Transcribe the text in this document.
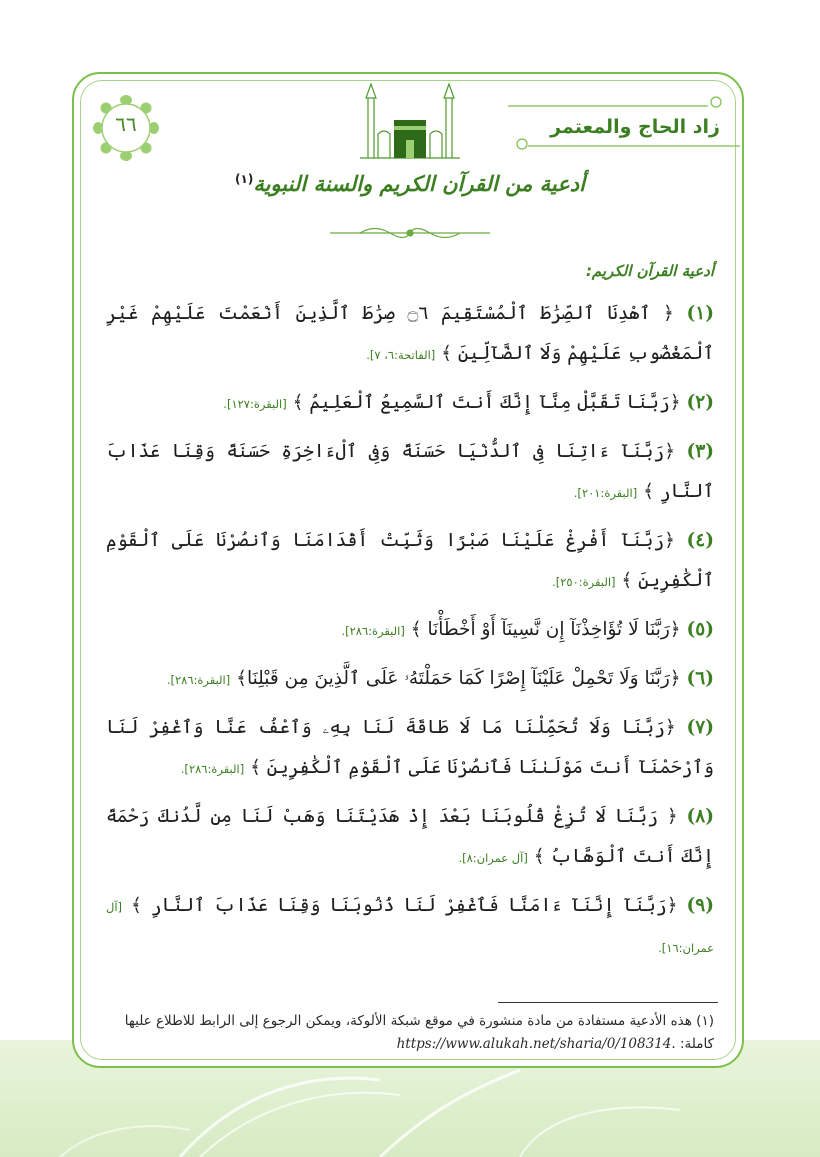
٦٦	زاد الحاج والمعتمر
أدعية من القرآن الكريم والسنة النبوية$^{(١)}$
أدعية القرآن الكريم:

(١) ﴿ ٱهْدِنَا ٱلصِّرَٰطَ ٱلْمُسْتَقِيمَ ۝٦ صِرَٰطَ ٱلَّذِينَ أَنْعَمْتَ عَلَيْهِمْ غَيْرِ ٱلْمَغْضُوبِ عَلَيْهِمْ وَلَا ٱلضَّآلِّينَ ﴾ [الفاتحة:٦، ٧].

(٢) ﴿رَبَّنَا تَقَبَّلْ مِنَّآ إِنَّكَ أَنتَ ٱلسَّمِيعُ ٱلْعَلِيمُ ﴾ [البقرة:١٢٧].

(٣) ﴿رَبَّنَآ ءَاتِنَا فِى ٱلدُّنْيَا حَسَنَةً وَفِى ٱلْءَاخِرَةِ حَسَنَةً وَقِنَا عَذَابَ ٱلنَّارِ ﴾ [البقرة:٢٠١].

(٤) ﴿رَبَّنَآ أَفْرِغْ عَلَيْنَا صَبْرًا وَثَبِّتْ أَقْدَامَنَا وَٱنصُرْنَا عَلَى ٱلْقَوْمِ ٱلْكَٰفِرِينَ ﴾ [البقرة:٢٥٠].

(٥) ﴿رَبَّنَا لَا تُؤَاخِذْنَآ إِن نَّسِينَآ أَوْ أَخْطَأْنَا ﴾ [البقرة:٢٨٦].

(٦) ﴿رَبَّنَا وَلَا تَحْمِلْ عَلَيْنَآ إِصْرًا كَمَا حَمَلْتَهُۥ عَلَى ٱلَّذِينَ مِن قَبْلِنَا﴾ [البقرة:٢٨٦].

(٧) ﴿رَبَّنَا وَلَا تُحَمِّلْنَا مَا لَا طَاقَةَ لَنَا بِهِۦ وَٱعْفُ عَنَّا وَٱغْفِرْ لَنَا وَٱرْحَمْنَآ أَنتَ مَوْلَىٰنَا فَٱنصُرْنَا عَلَى ٱلْقَوْمِ ٱلْكَٰفِرِينَ ﴾ [البقرة:٢٨٦].

(٨) ﴿ رَبَّنَا لَا تُزِغْ قُلُوبَنَا بَعْدَ إِذْ هَدَيْتَنَا وَهَبْ لَنَا مِن لَّدُنكَ رَحْمَةً إِنَّكَ أَنتَ ٱلْوَهَّابُ ﴾ [آل عمران:٨].

(٩) ﴿رَبَّنَآ إِنَّنَآ ءَامَنَّا فَٱغْفِرْ لَنَا ذُنُوبَنَا وَقِنَا عَذَابَ ٱلنَّارِ ﴾ [آل عمران:١٦].

(١) هذه الأدعية مستفادة من مادة منشورة في موقع شبكة الألوكة، ويمكن الرجوع إلى الرابط للاطلاع عليها كاملة: https://www.alukah.net/sharia/0/108314.
